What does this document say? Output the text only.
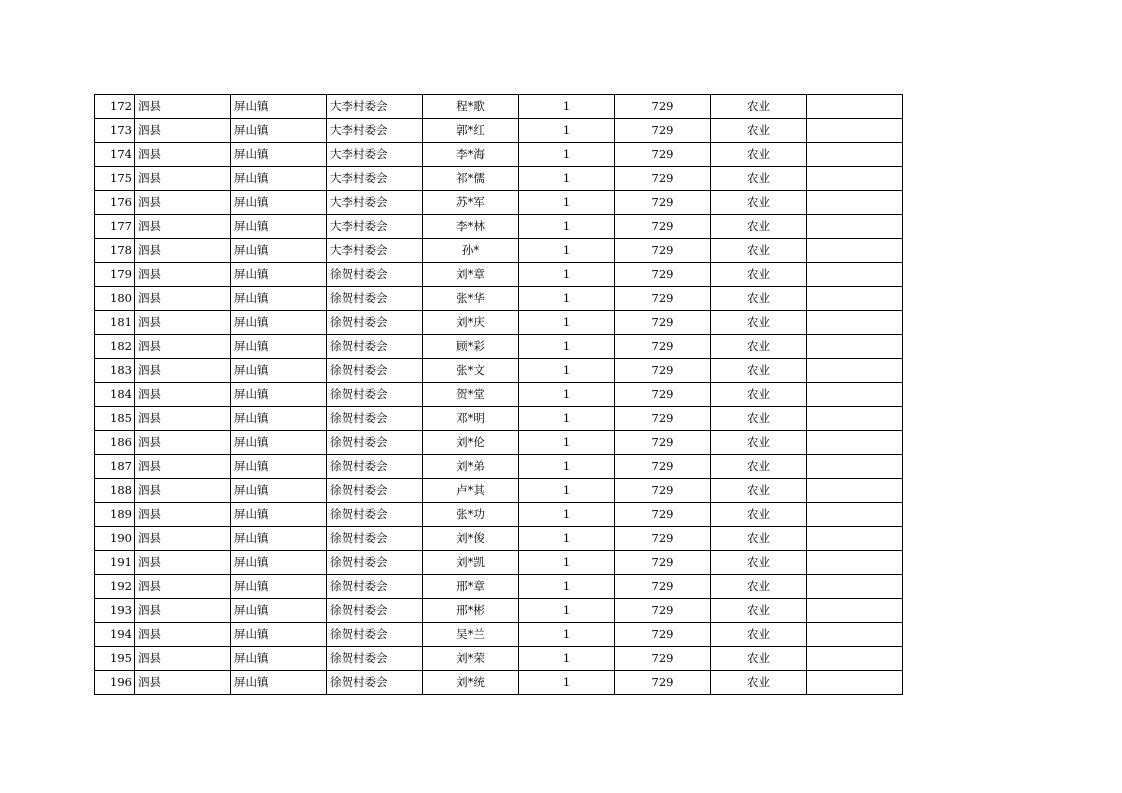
172	泗县	屏山镇	大李村委会	程*歌	1	729	农业	
173	泗县	屏山镇	大李村委会	郭*红	1	729	农业	
174	泗县	屏山镇	大李村委会	李*海	1	729	农业	
175	泗县	屏山镇	大李村委会	祁*儒	1	729	农业	
176	泗县	屏山镇	大李村委会	苏*军	1	729	农业	
177	泗县	屏山镇	大李村委会	李*林	1	729	农业	
178	泗县	屏山镇	大李村委会	孙*	1	729	农业	
179	泗县	屏山镇	徐贺村委会	刘*章	1	729	农业	
180	泗县	屏山镇	徐贺村委会	张*华	1	729	农业	
181	泗县	屏山镇	徐贺村委会	刘*庆	1	729	农业	
182	泗县	屏山镇	徐贺村委会	顾*彩	1	729	农业	
183	泗县	屏山镇	徐贺村委会	张*文	1	729	农业	
184	泗县	屏山镇	徐贺村委会	贺*堂	1	729	农业	
185	泗县	屏山镇	徐贺村委会	邓*明	1	729	农业	
186	泗县	屏山镇	徐贺村委会	刘*伦	1	729	农业	
187	泗县	屏山镇	徐贺村委会	刘*弟	1	729	农业	
188	泗县	屏山镇	徐贺村委会	卢*其	1	729	农业	
189	泗县	屏山镇	徐贺村委会	张*功	1	729	农业	
190	泗县	屏山镇	徐贺村委会	刘*俊	1	729	农业	
191	泗县	屏山镇	徐贺村委会	刘*凯	1	729	农业	
192	泗县	屏山镇	徐贺村委会	邢*章	1	729	农业	
193	泗县	屏山镇	徐贺村委会	邢*彬	1	729	农业	
194	泗县	屏山镇	徐贺村委会	吴*兰	1	729	农业	
195	泗县	屏山镇	徐贺村委会	刘*荣	1	729	农业	
196	泗县	屏山镇	徐贺村委会	刘*统	1	729	农业	
